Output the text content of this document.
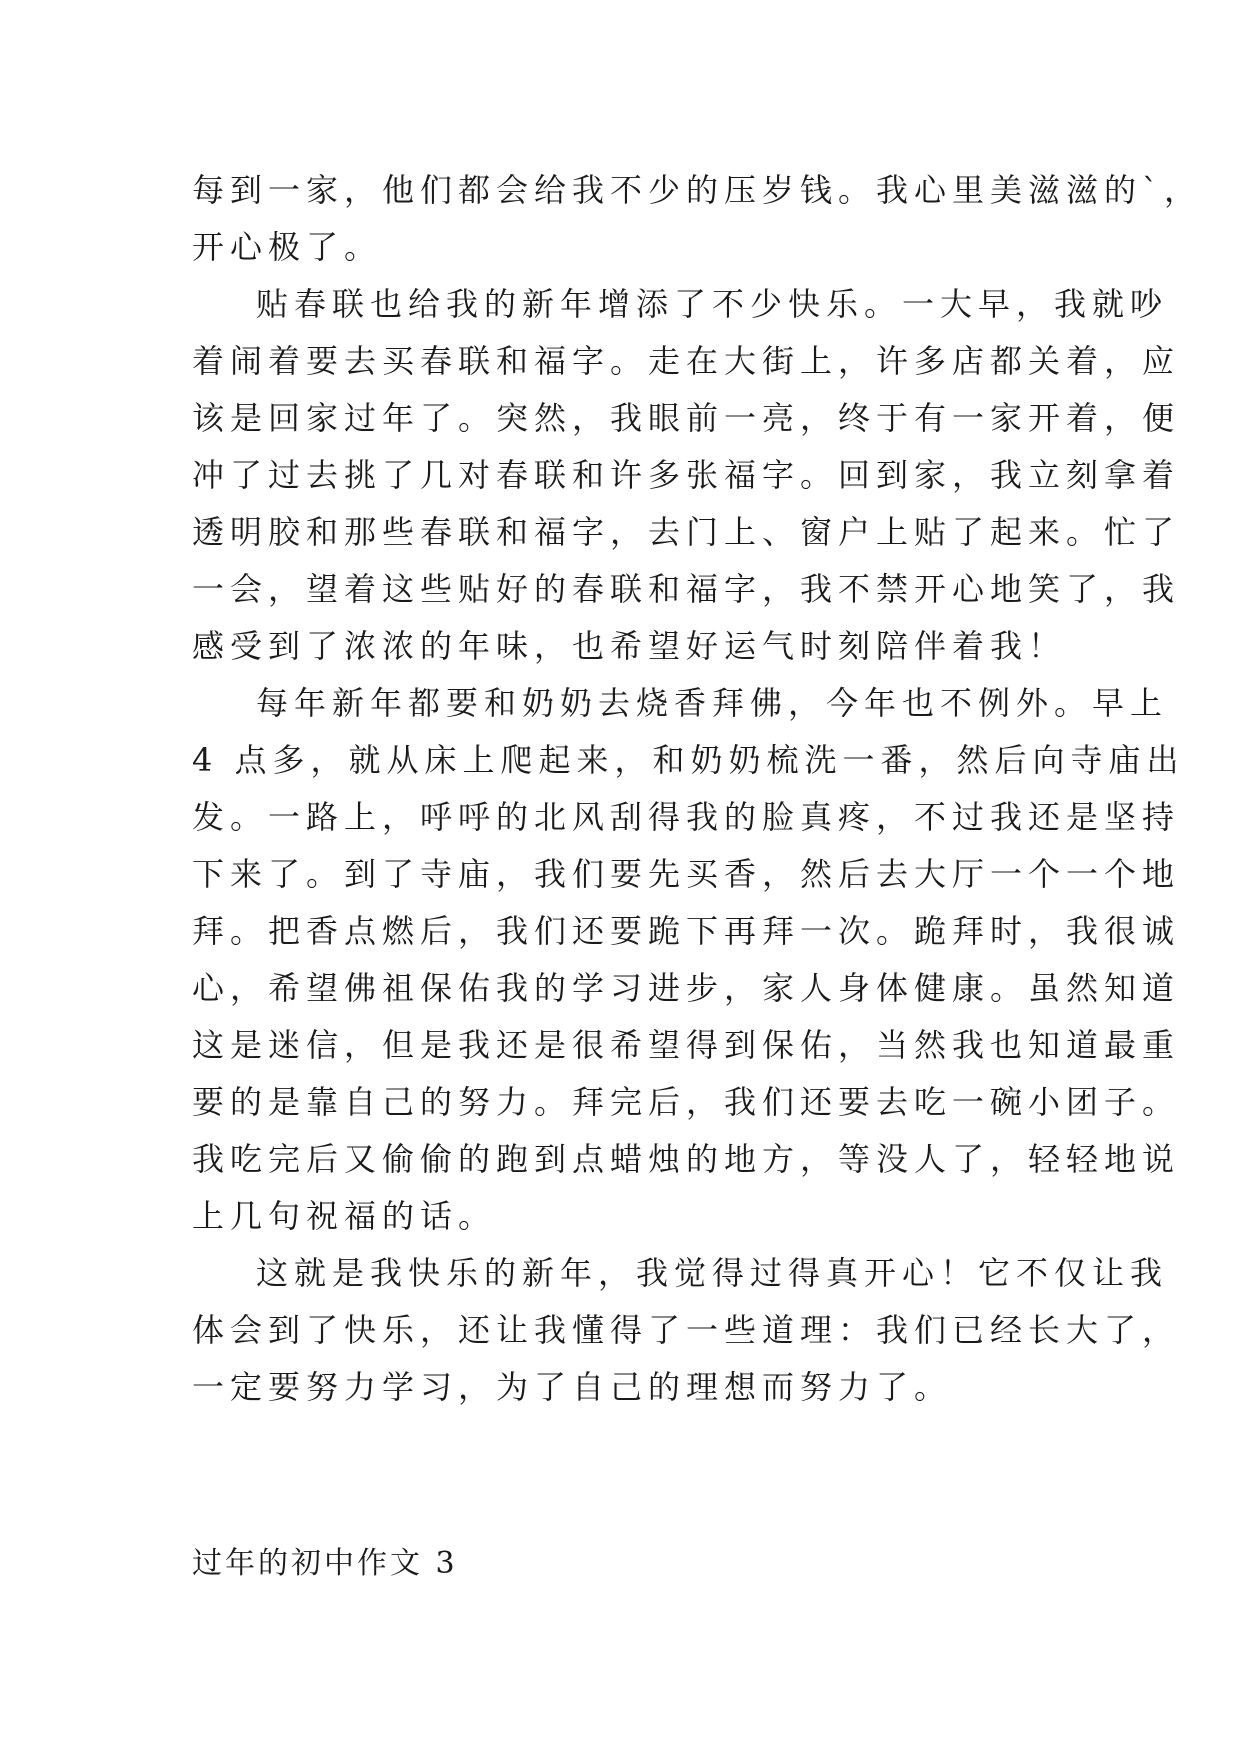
每到一家，他们都会给我不少的压岁钱。我心里美滋滋的`，
开心极了。
贴春联也给我的新年增添了不少快乐。一大早，我就吵
着闹着要去买春联和福字。走在大街上，许多店都关着，应
该是回家过年了。突然，我眼前一亮，终于有一家开着，便
冲了过去挑了几对春联和许多张福字。回到家，我立刻拿着
透明胶和那些春联和福字，去门上、窗户上贴了起来。忙了
一会，望着这些贴好的春联和福字，我不禁开心地笑了，我
感受到了浓浓的年味，也希望好运气时刻陪伴着我！
每年新年都要和奶奶去烧香拜佛，今年也不例外。早上
4 点多，就从床上爬起来，和奶奶梳洗一番，然后向寺庙出
发。一路上，呼呼的北风刮得我的脸真疼，不过我还是坚持
下来了。到了寺庙，我们要先买香，然后去大厅一个一个地
拜。把香点燃后，我们还要跪下再拜一次。跪拜时，我很诚
心，希望佛祖保佑我的学习进步，家人身体健康。虽然知道
这是迷信，但是我还是很希望得到保佑，当然我也知道最重
要的是靠自己的努力。拜完后，我们还要去吃一碗小团子。
我吃完后又偷偷的跑到点蜡烛的地方，等没人了，轻轻地说
上几句祝福的话。
这就是我快乐的新年，我觉得过得真开心！它不仅让我
体会到了快乐，还让我懂得了一些道理：我们已经长大了，
一定要努力学习，为了自己的理想而努力了。
过年的初中作文 3
